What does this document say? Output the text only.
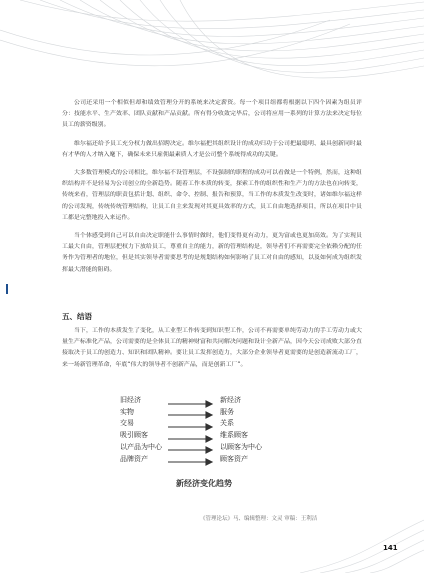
公司还采用一个相似但却和绩效管理分开的系统来决定薪资。每一个项目组都将根据以下四个因素为组员评分：技能水平、生产效率、团队贡献和产品贡献。所有得分收敛完毕后，公司将应用一系列的计算方法来决定每位员工的薪资级别。

维尔福还给予员工充分权力做出招聘决定。维尔福把其组织设计的成功归功于公司把最聪明、最具创新同时最有才华的人才纳入麾下，确保未来只雇佣最素质人才是公司整个系统得成功的关键。

大多数管理模式的公司相比，维尔福不设管理层，不设强制的职程的成功可以看做是一个特例，然而，这种组织结构并不是轻易为公司创立的全新趋势。随着工作本质的转变，探索工作的组织性和生产力的方法也在向转变，传统来看，管理层的职责包括计划、组织、命令、控制、报告和预算，当工作的本质发生改变时，诸如维尔福这样的公司发现，传统传统管理结构，让员工自主来发现对其更具效率的方式，员工自由地选择项目，所以在项目中员工都是完整地投入来运作。

当个体感受到自己可以自由决定职能什么事情时做时，他们变得更有动力，更为富或也更加高效。为了实现员工最大自由，管理层把权力下放给员工，尊重自主的能力，新的管理结构是，领导者们不再需要完全依赖分配的任务作为管理者的地位，但是其实领导者需要思考的是规划结构如何影响了员工对自由的感知，以及如何成为组织发挥最大潜能的阻碍。

五、结语

当下，工作的本质发生了变化，从工业型工作转变到知识型工作，公司不再需要单纯劳动力的手工劳动力或大量生产标准化产品，公司需要的是全体员工的精神财富和共同解决问题和设计全新产品，因今天公司成败大部分直接取决于员工的创造力、知识和团队精神。要让员工发挥创造力，大部分企业领导者更需要的是创造新流动工厂，来一场新管理革命，年底“伟大的领导者不创新产品，而是创新工厂”。

旧经济
实物
交易
吸引顾客
以产品为中心
品牌资产
新经济
服务
关系
维系顾客
以顾客为中心
顾客资产
新经济变化趋势
《管理论坛》马、编辑整理：文灵 审稿：王利洁
141
